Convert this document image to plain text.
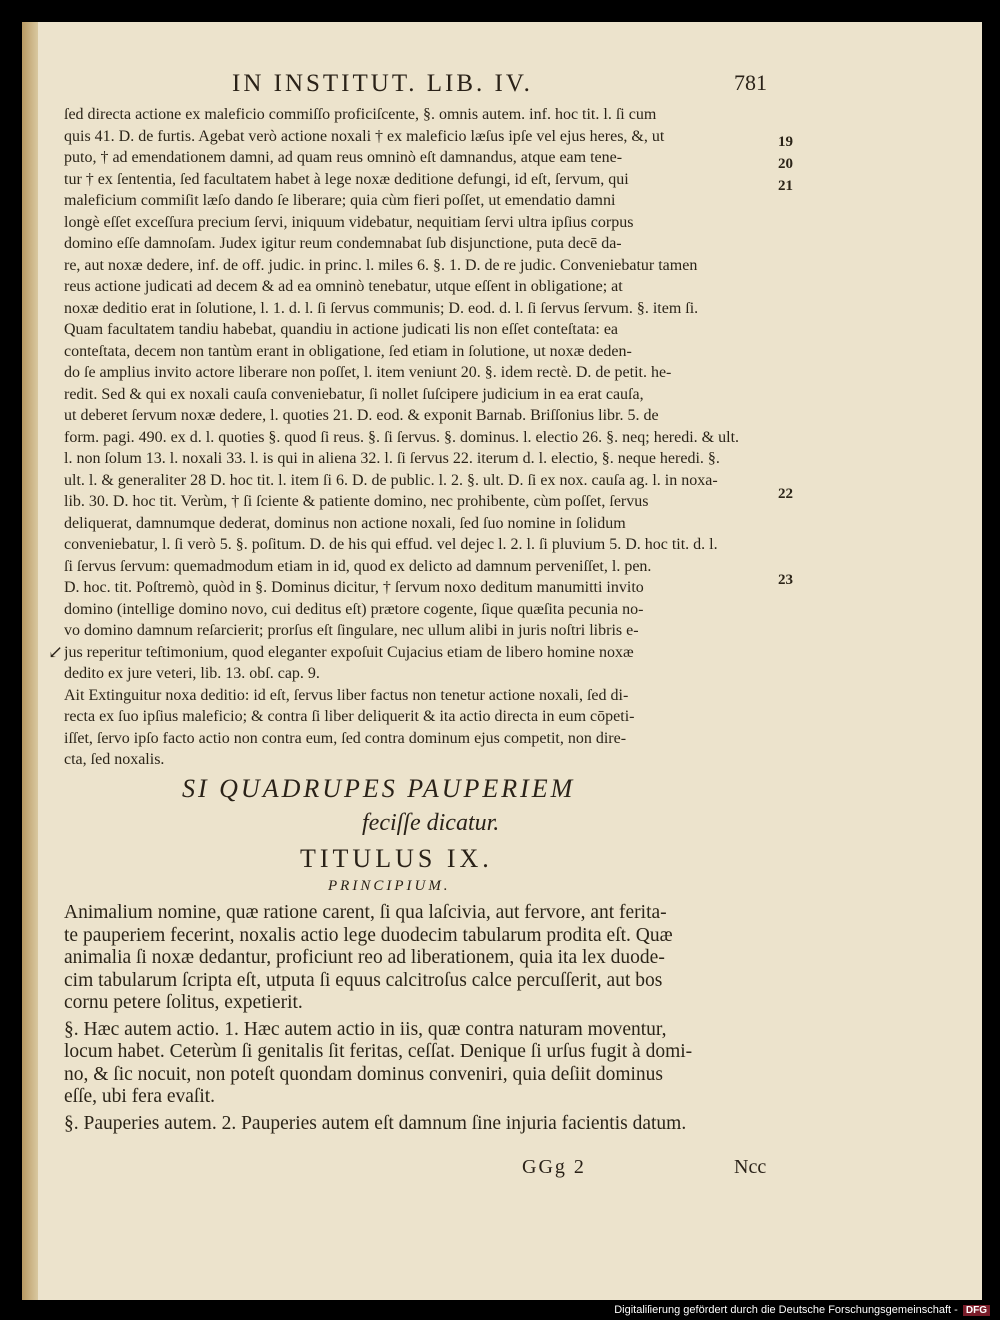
IN INSTITUT. LIB. IV.	781
ſed directa actione ex maleficio commiſſo proficiſcente, §. omnis autem. inf. hoc tit. l. ſi cum
quis 41. D. de furtis. Agebat verò actione noxali † ex maleficio læſus ipſe vel ejus heres, &, ut
puto, † ad emendationem damni, ad quam reus omninò eſt damnandus, atque eam tene-
tur † ex ſententia, ſed facultatem habet à lege noxæ deditione defungi, id eſt, ſervum, qui
maleficium commiſit læſo dando ſe liberare; quia cùm fieri poſſet, ut emendatio damni
longè eſſet exceſſura precium ſervi, iniquum videbatur, nequitiam ſervi ultra ipſius corpus
domino eſſe damnoſam. Judex igitur reum condemnabat ſub disjunctione, puta decē da-
re, aut noxæ dedere, inf. de off. judic. in princ. l. miles 6. §. 1. D. de re judic. Conveniebatur tamen
reus actione judicati ad decem & ad ea omninò tenebatur, utque eſſent in obligatione; at
noxæ deditio erat in ſolutione, l. 1. d. l. ſi ſervus communis; D. eod. d. l. ſi ſervus ſervum. §. item ſi.
Quam facultatem tandiu habebat, quandiu in actione judicati lis non eſſet conteſtata: ea
conteſtata, decem non tantùm erant in obligatione, ſed etiam in ſolutione, ut noxæ deden-
do ſe amplius invito actore liberare non poſſet, l. item veniunt 20. §. idem rectè. D. de petit. he-
redit. Sed & qui ex noxali cauſa conveniebatur, ſi nollet ſuſcipere judicium in ea erat cauſa,
ut deberet ſervum noxæ dedere, l. quoties 21. D. eod. & exponit Barnab. Briſſonius libr. 5. de
form. pagi. 490. ex d. l. quoties §. quod ſi reus. §. ſi ſervus. §. dominus. l. electio 26. §. neq; heredi. & ult.
l. non ſolum 13. l. noxali 33. l. is qui in aliena 32. l. ſi ſervus 22. iterum d. l. electio, §. neque heredi. §.
ult. l. & generaliter 28 D. hoc tit. l. item ſi 6. D. de public. l. 2. §. ult. D. ſi ex nox. cauſa ag. l. in noxa-
lib. 30. D. hoc tit. Verùm, † ſi ſciente & patiente domino, nec prohibente, cùm poſſet, ſervus
deliquerat, damnumque dederat, dominus non actione noxali, ſed ſuo nomine in ſolidum
conveniebatur, l. ſi verò 5. §. poſitum. D. de his qui effud. vel dejec l. 2. l. ſi pluvium 5. D. hoc tit. d. l.
ſi ſervus ſervum: quemadmodum etiam in id, quod ex delicto ad damnum perveniſſet, l. pen.
D. hoc. tit. Poſtremò, quòd in §. Dominus dicitur, † ſervum noxo deditum manumitti invito
domino (intellige domino novo, cui deditus eſt) prætore cogente, ſique quæſita pecunia no-
vo domino damnum reſarcierit; prorſus eſt ſingulare, nec ullum alibi in juris noſtri libris e-
jus reperitur teſtimonium, quod eleganter expoſuit Cujacius etiam de libero homine noxæ
dedito ex jure veteri, lib. 13. obſ. cap. 9.
Ait Extinguitur noxa deditio: id eſt, ſervus liber factus non tenetur actione noxali, ſed di-
recta ex ſuo ipſius maleficio; & contra ſi liber deliquerit & ita actio directa in eum cōpeti-
iſſet, ſervo ipſo facto actio non contra eum, ſed contra dominum ejus competit, non dire-
cta, ſed noxalis.
19
20
21
22
23
↙
SI QUADRUPES PAUPERIEM
feciſſe dicatur.
TITULUS IX.
PRINCIPIUM.
Animalium nomine, quæ ratione carent, ſi qua laſcivia, aut fervore, ant ferita-
te pauperiem fecerint, noxalis actio lege duodecim tabularum prodita eſt. Quæ
animalia ſi noxæ dedantur, proficiunt reo ad liberationem, quia ita lex duode-
cim tabularum ſcripta eſt, utputa ſi equus calcitroſus calce percuſſerit, aut bos
cornu petere ſolitus, expetierit.
§. Hæc autem actio. 1. Hæc autem actio in iis, quæ contra naturam moventur,
locum habet. Ceterùm ſi genitalis ſit feritas, ceſſat. Denique ſi urſus fugit à domi-
no, & ſic nocuit, non poteſt quondam dominus conveniri, quia deſiit dominus
eſſe, ubi fera evaſit.
§. Pauperies autem. 2. Pauperies autem eſt damnum ſine injuria facientis datum.
GGg 2	Ncc
Digitaliſierung gefördert durch die Deutsche Forschungsgemeinschaft - DFG
